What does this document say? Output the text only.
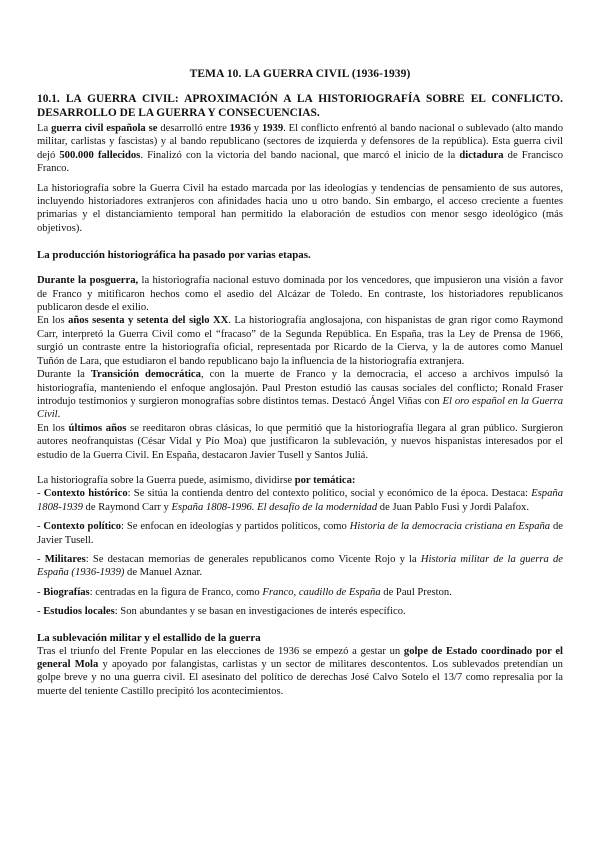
TEMA 10. LA GUERRA CIVIL (1936-1939)
10.1. LA GUERRA CIVIL: APROXIMACIÓN A LA HISTORIOGRAFÍA SOBRE EL CONFLICTO. DESARROLLO DE LA GUERRA Y CONSECUENCIAS.

La guerra civil española se desarrolló entre 1936 y 1939. El conflicto enfrentó al bando nacional o sublevado (alto mando militar, carlistas y fascistas) y al bando republicano (sectores de izquierda y defensores de la república). Esta guerra civil dejó 500.000 fallecidos. Finalizó con la victoria del bando nacional, que marcó el inicio de la dictadura de Francisco Franco.

La historiografía sobre la Guerra Civil ha estado marcada por las ideologías y tendencias de pensamiento de sus autores, incluyendo historiadores extranjeros con afinidades hacia uno u otro bando. Sin embargo, el acceso creciente a fuentes primarias y el distanciamiento temporal han permitido la elaboración de estudios con menor sesgo ideológico (más objetivos).

La producción historiográfica ha pasado por varias etapas.

Durante la posguerra, la historiografía nacional estuvo dominada por los vencedores, que impusieron una visión a favor de Franco y mitificaron hechos como el asedio del Alcázar de Toledo. En contraste, los historiadores republicanos publicaron desde el exilio.

En los años sesenta y setenta del siglo XX. La historiografía anglosajona, con hispanistas de gran rigor como Raymond Carr, interpretó la Guerra Civil como el “fracaso” de la Segunda República. En España, tras la Ley de Prensa de 1966, surgió un contraste entre la historiografía oficial, representada por Ricardo de la Cierva, y la de autores como Manuel Tuñón de Lara, que estudiaron el bando republicano bajo la influencia de la historiografía extranjera.

Durante la Transición democrática, con la muerte de Franco y la democracia, el acceso a archivos impulsó la historiografía, manteniendo el enfoque anglosajón. Paul Preston estudió las causas sociales del conflicto; Ronald Fraser introdujo testimonios y surgieron monografías sobre distintos temas. Destacó Ángel Viñas con El oro español en la Guerra Civil.

En los últimos años se reeditaron obras clásicas, lo que permitió que la historiografía llegara al gran público. Surgieron autores neofranquistas (César Vidal y Pío Moa) que justificaron la sublevación, y nuevos hispanistas interesados por el estudio de la Guerra Civil. En España, destacaron Javier Tusell y Santos Juliá.

La historiografía sobre la Guerra puede, asimismo, dividirse por temática:

- Contexto histórico: Se sitúa la contienda dentro del contexto político, social y económico de la época. Destaca: España 1808-1939 de Raymond Carr y España 1808-1996. El desafío de la modernidad de Juan Pablo Fusi y Jordi Palafox.

- Contexto político: Se enfocan en ideologías y partidos políticos, como Historia de la democracia cristiana en España de Javier Tusell.

- Militares: Se destacan memorias de generales republicanos como Vicente Rojo y la Historia militar de la guerra de España (1936-1939) de Manuel Aznar.

- Biografías: centradas en la figura de Franco, como Franco, caudillo de España de Paul Preston.

- Estudios locales: Son abundantes y se basan en investigaciones de interés específico.

La sublevación militar y el estallido de la guerra

Tras el triunfo del Frente Popular en las elecciones de 1936 se empezó a gestar un golpe de Estado coordinado por el general Mola y apoyado por falangistas, carlistas y un sector de militares descontentos. Los sublevados pretendían un golpe breve y no una guerra civil. El asesinato del político de derechas José Calvo Sotelo el 13/7 como represalia por la muerte del teniente Castillo precipitó los acontecimientos.
